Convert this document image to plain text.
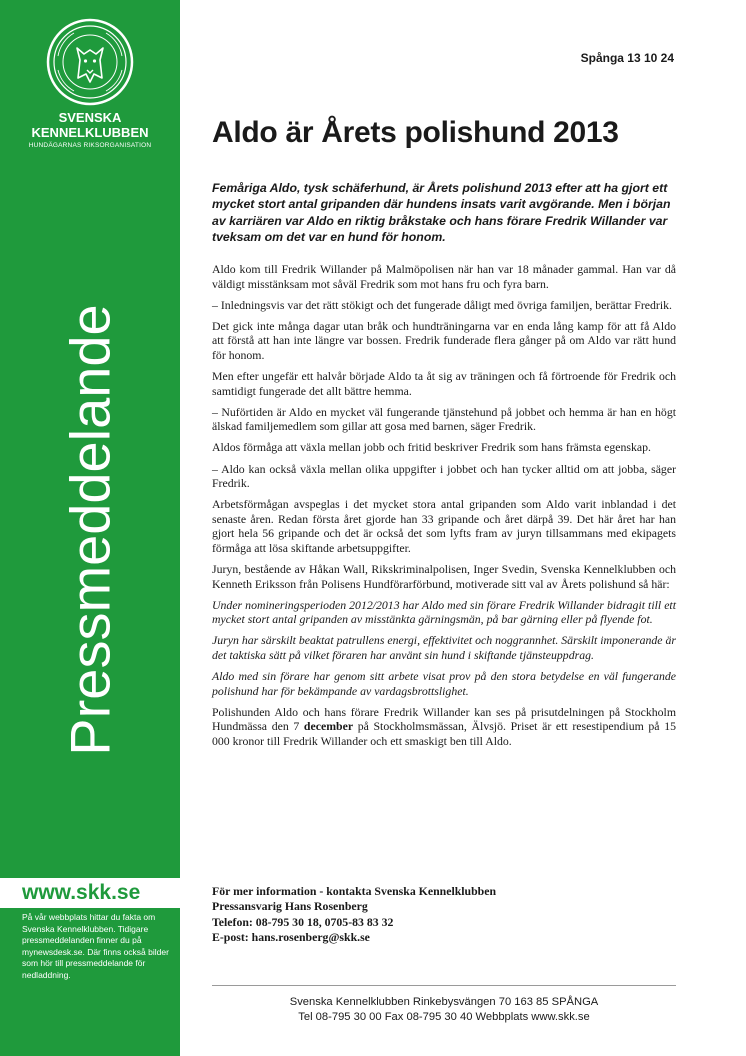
SVENSKA
KENNELKLUBBEN
HUNDÄGARNAS RIKSORGANISATION
Pressmeddelande
www.skk.se
På vår webbplats hittar du fakta om Svenska Kennelklubben. Tidigare pressmeddelanden finner du på mynewsdesk.se. Där finns också bilder som hör till pressmeddelande för nedladdning.
Spånga 13 10 24
Aldo är Årets polishund 2013
Femåriga Aldo, tysk schäferhund, är Årets polishund 2013 efter att ha gjort ett mycket stort antal gripanden där hundens insats varit avgörande. Men i början av karriären var Aldo en riktig bråkstake och hans förare Fredrik Willander var tveksam om det var en hund för honom.

Aldo kom till Fredrik Willander på Malmöpolisen när han var 18 månader gammal. Han var då väldigt misstänksam mot såväl Fredrik som mot hans fru och fyra barn.

– Inledningsvis var det rätt stökigt och det fungerade dåligt med övriga familjen, berättar Fredrik.

Det gick inte många dagar utan bråk och hundträningarna var en enda lång kamp för att få Aldo att förstå att han inte längre var bossen. Fredrik funderade flera gånger på om Aldo var rätt hund för honom.

Men efter ungefär ett halvår började Aldo ta åt sig av träningen och få förtroende för Fredrik och samtidigt fungerade det allt bättre hemma.

– Nuförtiden är Aldo en mycket väl fungerande tjänstehund på jobbet och hemma är han en högt älskad familjemedlem som gillar att gosa med barnen, säger Fredrik.

Aldos förmåga att växla mellan jobb och fritid beskriver Fredrik som hans främsta egenskap.

– Aldo kan också växla mellan olika uppgifter i jobbet och han tycker alltid om att jobba, säger Fredrik.

Arbetsförmågan avspeglas i det mycket stora antal gripanden som Aldo varit inblandad i det senaste åren. Redan första året gjorde han 33 gripande och året därpå 39. Det här året har han gjort hela 56 gripande och det är också det som lyfts fram av juryn tillsammans med ekipagets förmåga att lösa skiftande arbetsuppgifter.

Juryn, bestående av Håkan Wall, Rikskriminalpolisen, Inger Svedin, Svenska Kennelklubben och Kenneth Eriksson från Polisens Hundförarförbund, motiverade sitt val av Årets polishund så här:

Under nomineringsperioden 2012/2013 har Aldo med sin förare Fredrik Willander bidragit till ett mycket stort antal gripanden av misstänkta gärningsmän, på bar gärning eller på flyende fot.

Juryn har särskilt beaktat patrullens energi, effektivitet och noggrannhet. Särskilt imponerande är det taktiska sätt på vilket föraren har använt sin hund i skiftande tjänsteuppdrag.

Aldo med sin förare har genom sitt arbete visat prov på den stora betydelse en väl fungerande polishund har för bekämpande av vardagsbrottslighet.

Polishunden Aldo och hans förare Fredrik Willander kan ses på prisutdelningen på Stockholm Hundmässa den 7 december på Stockholmsmässan, Älvsjö. Priset är ett resestipendium på 15 000 kronor till Fredrik Willander och ett smaskigt ben till Aldo.

För mer information - kontakta Svenska Kennelklubben
Pressansvarig Hans Rosenberg
Telefon: 08-795 30 18, 0705-83 83 32
E-post: hans.rosenberg@skk.se
Svenska Kennelklubben Rinkebysvängen 70 163 85 SPÅNGA
Tel 08-795 30 00 Fax 08-795 30 40 Webbplats www.skk.se
